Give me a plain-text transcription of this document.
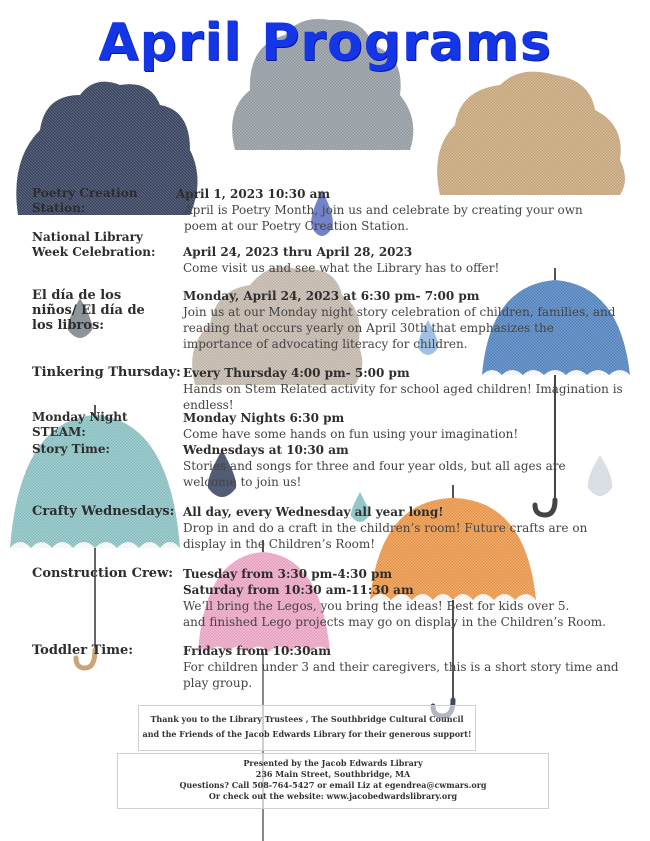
April Programs
Poetry Creation Station:
April 1, 2023 10:30 am
April is Poetry Month, join us and celebrate by creating your own poem at our Poetry Creation Station.
National Library Week Celebration:	April 24, 2023 thru April 28, 2023
Come visit us and see what the Library has to offer!
El día de los niños/ El día de los libros:
Monday, April 24, 2023 at 6:30 pm- 7:00 pm
Join us at our Monday night story celebration of children, families, and reading that occurs yearly on April 30th that emphasizes the importance of advocating literacy for children.
Tinkering Thursday: Every Thursday 4:00 pm- 5:00 pm
Hands on Stem Related activity for school aged children! Imagination is endless!
Monday Night STEAM:
Monday Nights 6:30 pm
Come have some hands on fun using your imagination!
Story Time:	Wednesdays at 10:30 am
Stories and songs for three and four year olds, but all ages are welcome to join us!
Crafty Wednesdays: All day, every Wednesday all year long!
Drop in and do a craft in the children’s room! Future crafts are on display in the Children’s Room!
Construction Crew: Tuesday from 3:30 pm-4:30 pm
Saturday from 10:30 am-11:30 am
We’ll bring the Legos, you bring the ideas! Best for kids over 5.
and finished Lego projects may go on display in the Children’s Room.
Toddler Time:	Fridays from 10:30am
For children under 3 and their caregivers, this is a short story time and play group.
Thank you to the Library Trustees , The Southbridge Cultural Council
and the Friends of the Jacob Edwards Library for their generous support!
Presented by the Jacob Edwards Library
236 Main Street, Southbridge, MA
Questions? Call 508-764-5427 or email Liz at egendrea@cwmars.org
Or check out the website: www.jacobedwardslibrary.org
